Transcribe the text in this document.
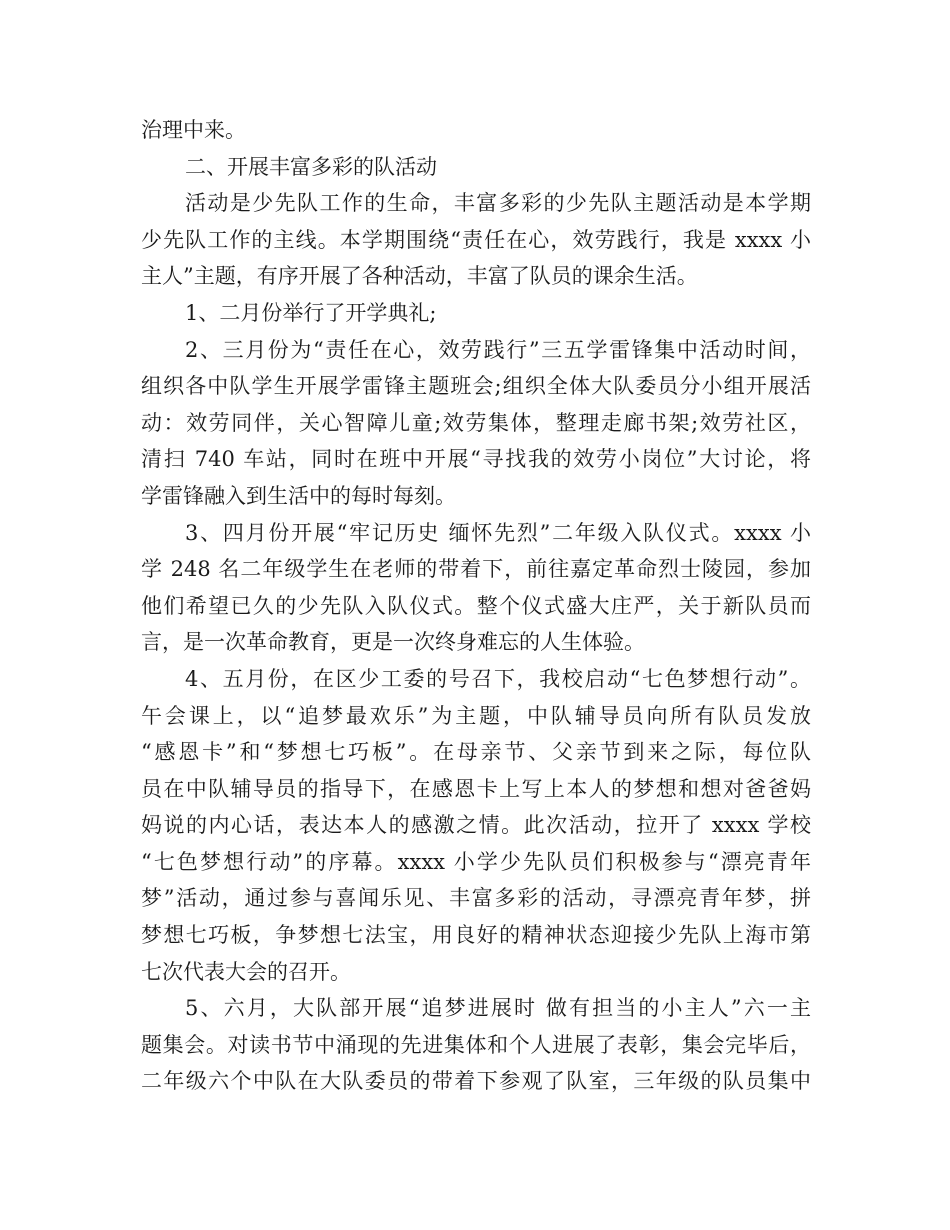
治理中来。
二、开展丰富多彩的队活动
活动是少先队工作的生命，丰富多彩的少先队主题活动是本学期
少先队工作的主线。本学期围绕“责任在心，效劳践行，我是 xxxx 小
主人”主题，有序开展了各种活动，丰富了队员的课余生活。
1、二月份举行了开学典礼;
2、三月份为“责任在心，效劳践行”三五学雷锋集中活动时间，
组织各中队学生开展学雷锋主题班会;组织全体大队委员分小组开展活
动：效劳同伴，关心智障儿童;效劳集体，整理走廊书架;效劳社区，
清扫 740 车站，同时在班中开展“寻找我的效劳小岗位”大讨论，将
学雷锋融入到生活中的每时每刻。
3、四月份开展“牢记历史 缅怀先烈”二年级入队仪式。xxxx 小
学 248 名二年级学生在老师的带着下，前往嘉定革命烈士陵园，参加
他们希望已久的少先队入队仪式。整个仪式盛大庄严，关于新队员而
言，是一次革命教育，更是一次终身难忘的人生体验。
4、五月份，在区少工委的号召下，我校启动“七色梦想行动”。
午会课上，以“追梦最欢乐”为主题，中队辅导员向所有队员发放
“感恩卡”和“梦想七巧板”。在母亲节、父亲节到来之际，每位队
员在中队辅导员的指导下，在感恩卡上写上本人的梦想和想对爸爸妈
妈说的内心话，表达本人的感激之情。此次活动，拉开了 xxxx 学校
“七色梦想行动”的序幕。xxxx 小学少先队员们积极参与“漂亮青年
梦”活动，通过参与喜闻乐见、丰富多彩的活动，寻漂亮青年梦，拼
梦想七巧板，争梦想七法宝，用良好的精神状态迎接少先队上海市第
七次代表大会的召开。
5、六月，大队部开展“追梦进展时 做有担当的小主人”六一主
题集会。对读书节中涌现的先进集体和个人进展了表彰，集会完毕后，
二年级六个中队在大队委员的带着下参观了队室，三年级的队员集中
